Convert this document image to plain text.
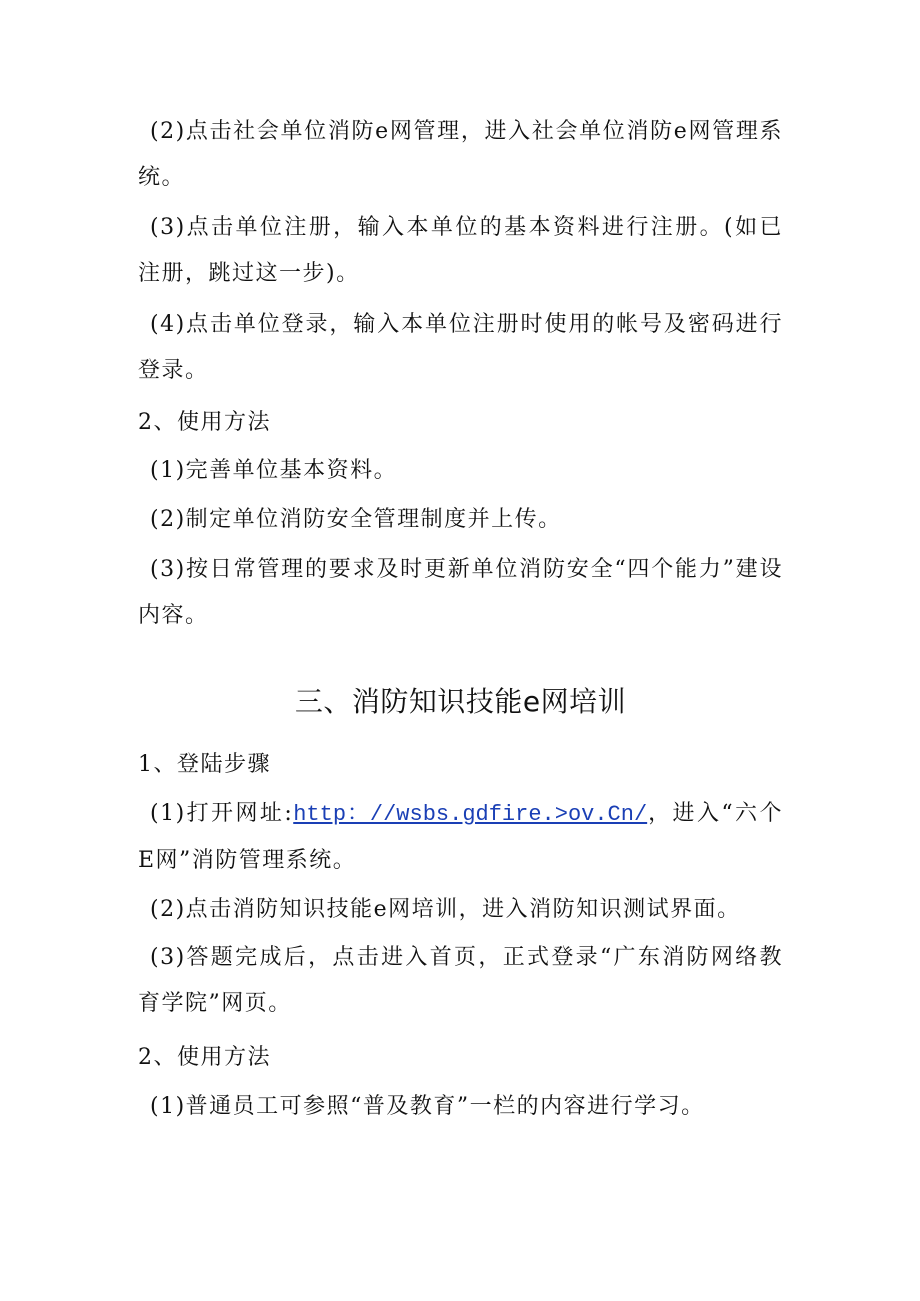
(2)点击社会单位消防e网管理，进入社会单位消防e网管理系统。

(3)点击单位注册，输入本单位的基本资料进行注册。(如已注册，跳过这一步)。

(4)点击单位登录，输入本单位注册时使用的帐号及密码进行登录。

2、使用方法

(1)完善单位基本资料。

(2)制定单位消防安全管理制度并上传。

(3)按日常管理的要求及时更新单位消防安全“四个能力”建设内容。

三、消防知识技能e网培训

1、登陆步骤

(1)打开网址:http：//wsbs.gdfire.>ov.Cn/，进入“六个E网”消防管理系统。

(2)点击消防知识技能e网培训，进入消防知识测试界面。

(3)答题完成后，点击进入首页，正式登录“广东消防网络教育学院”网页。

2、使用方法

(1)普通员工可参照“普及教育”一栏的内容进行学习。
